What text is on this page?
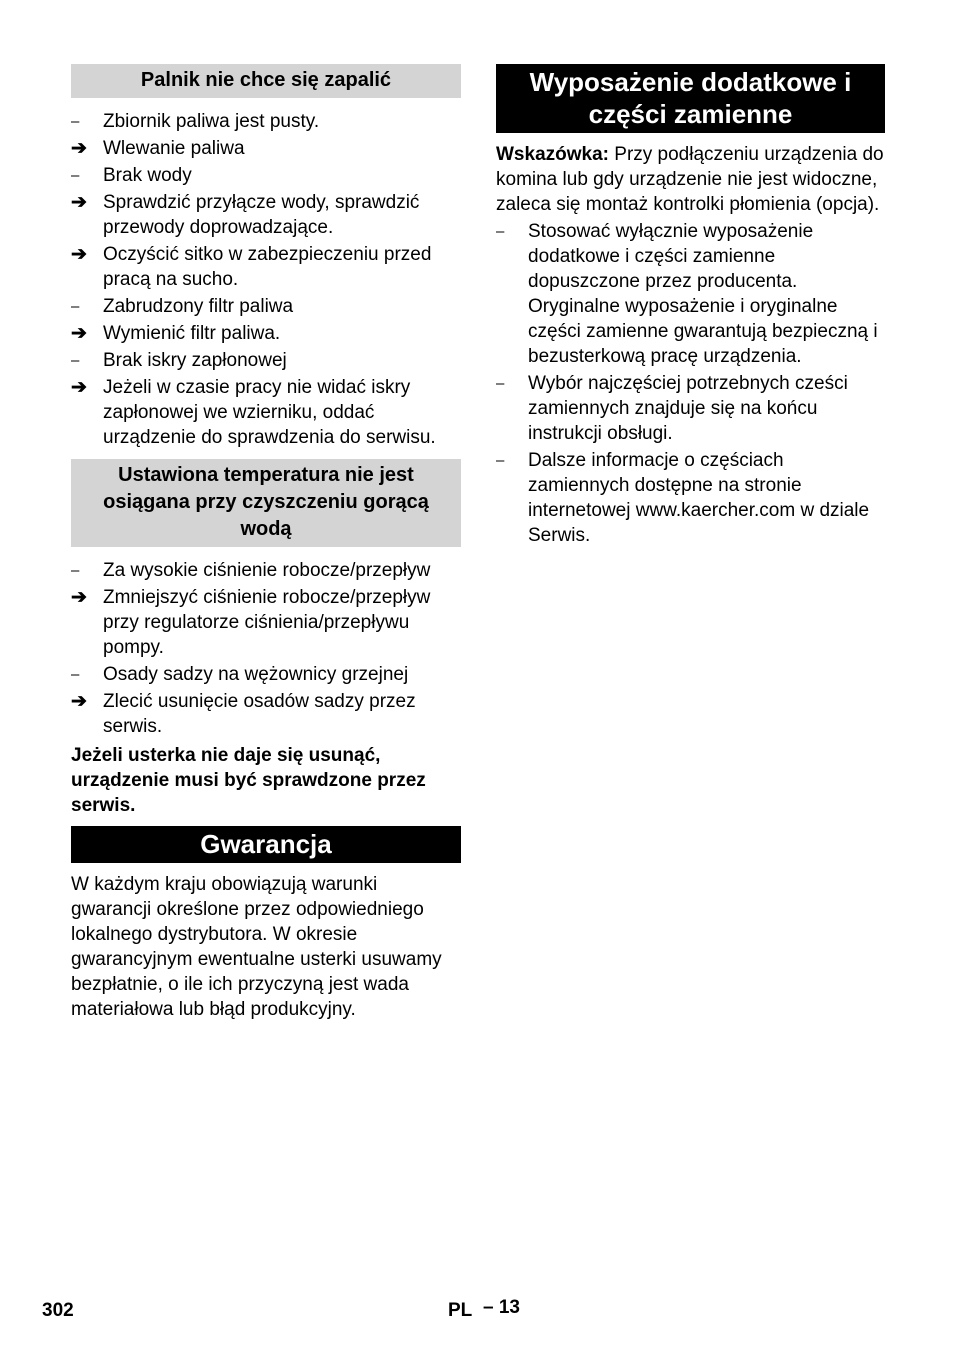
Palnik nie chce się zapalić
–	Zbiornik paliwa jest pusty.
➔ Wlewanie paliwa
–	Brak wody
➔ Sprawdzić przyłącze wody, sprawdzić przewody doprowadzające.
➔ Oczyścić sitko w zabezpieczeniu przed pracą na sucho.
–	Zabrudzony filtr paliwa
➔ Wymienić filtr paliwa.
–	Brak iskry zapłonowej
➔ Jeżeli w czasie pracy nie widać iskry zapłonowej we wzierniku, oddać urządzenie do sprawdzenia do serwisu.
Ustawiona temperatura nie jest osiągana przy czyszczeniu gorącą wodą
–	Za wysokie ciśnienie robocze/przepływ
➔ Zmniejszyć ciśnienie robocze/przepływ przy regulatorze ciśnienia/przepływu pompy.
–	Osady sadzy na wężownicy grzejnej
➔ Zlecić usunięcie osadów sadzy przez serwis.

Jeżeli usterka nie daje się usunąć, urządzenie musi być sprawdzone przez serwis.

Gwarancja

W każdym kraju obowiązują warunki gwarancji określone przez odpowiedniego lokalnego dystrybutora. W okresie gwarancyjnym ewentualne usterki usuwamy bezpłatnie, o ile ich przyczyną jest wada materiałowa lub błąd produkcyjny.

Wyposażenie dodatkowe i części zamienne

Wskazówka: Przy podłączeniu urządzenia do komina lub gdy urządzenie nie jest widoczne, zaleca się montaż kontrolki płomienia (opcja).

–	Stosować wyłącznie wyposażenie dodatkowe i części zamienne dopuszczone przez producenta. Oryginalne wyposażenie i oryginalne części zamienne gwarantują bezpieczną i bezusterkową pracę urządzenia.
–	Wybór najczęściej potrzebnych cześci zamiennych znajduje się na końcu instrukcji obsługi.
–	Dalsze informacje o częściach zamiennych dostępne na stronie internetowej www.kaercher.com w dziale Serwis.
302	PL – 13
